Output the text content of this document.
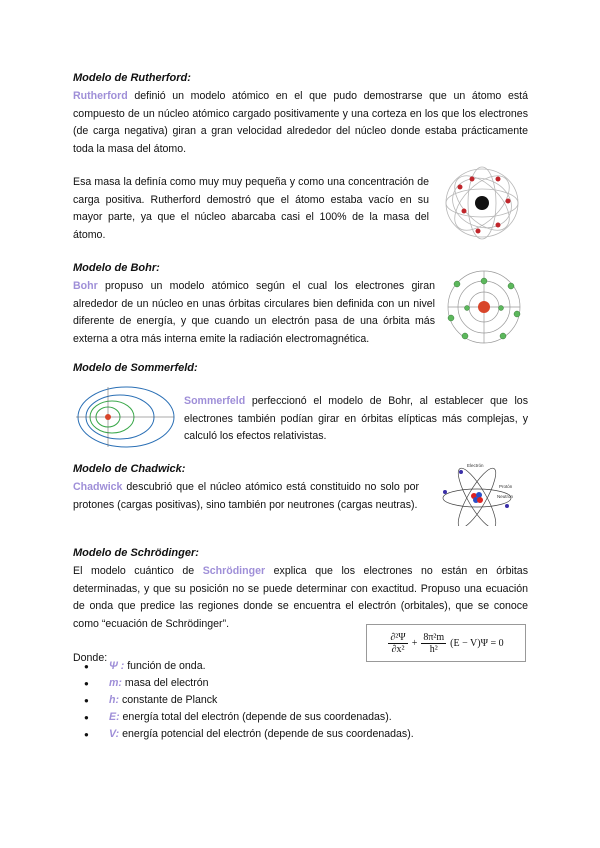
Modelo de Rutherford:
Rutherford definió un modelo atómico en el que pudo demostrarse que un átomo está compuesto de un núcleo atómico cargado positivamente y una corteza en los que los electrones (de carga negativa) giran a gran velocidad alrededor del núcleo donde estaba prácticamente toda la masa del átomo.
Esa masa la definía como muy muy pequeña y como una concentración de carga positiva. Rutherford demostró que el átomo estaba vacío en su mayor parte, ya que el núcleo abarcaba casi el 100% de la masa del átomo.
Modelo de Bohr:
Bohr propuso un modelo atómico según el cual los electrones giran alrededor de un núcleo en unas órbitas circulares bien definida con un nivel diferente de energía, y que cuando un electrón pasa de una órbita más externa a otra más interna emite la radiación electromagnética.
Modelo de Sommerfeld:
Sommerfeld perfeccionó el modelo de Bohr, al establecer que los electrones también podían girar en órbitas elípticas más complejas, y calculó los efectos relativistas.
Modelo de Chadwick:
Chadwick descubrió que el núcleo atómico está constituido no solo por protones (cargas positivas), sino también por neutrones (cargas neutras).
Electrón
Protón
Neutrón
Modelo de Schrödinger:
El modelo cuántico de Schrödinger explica que los electrones no están en órbitas determinadas, y que su posición no se puede determinar con exactitud. Propuso una ecuación de onda que predice las regiones donde se encuentra el electrón (orbitales), que se conoce como “ecuación de Schrödinger”.
∂²Ψ
∂x²
+ $\frac{\text{8π²m}}{\text{h²}} (E - V)\Psi = 0$
Donde:
● Ψ : función de onda.
● m: masa del electrón
● h: constante de Planck
● E: energía total del electrón (depende de sus coordenadas).
● V: energía potencial del electrón (depende de sus coordenadas).
